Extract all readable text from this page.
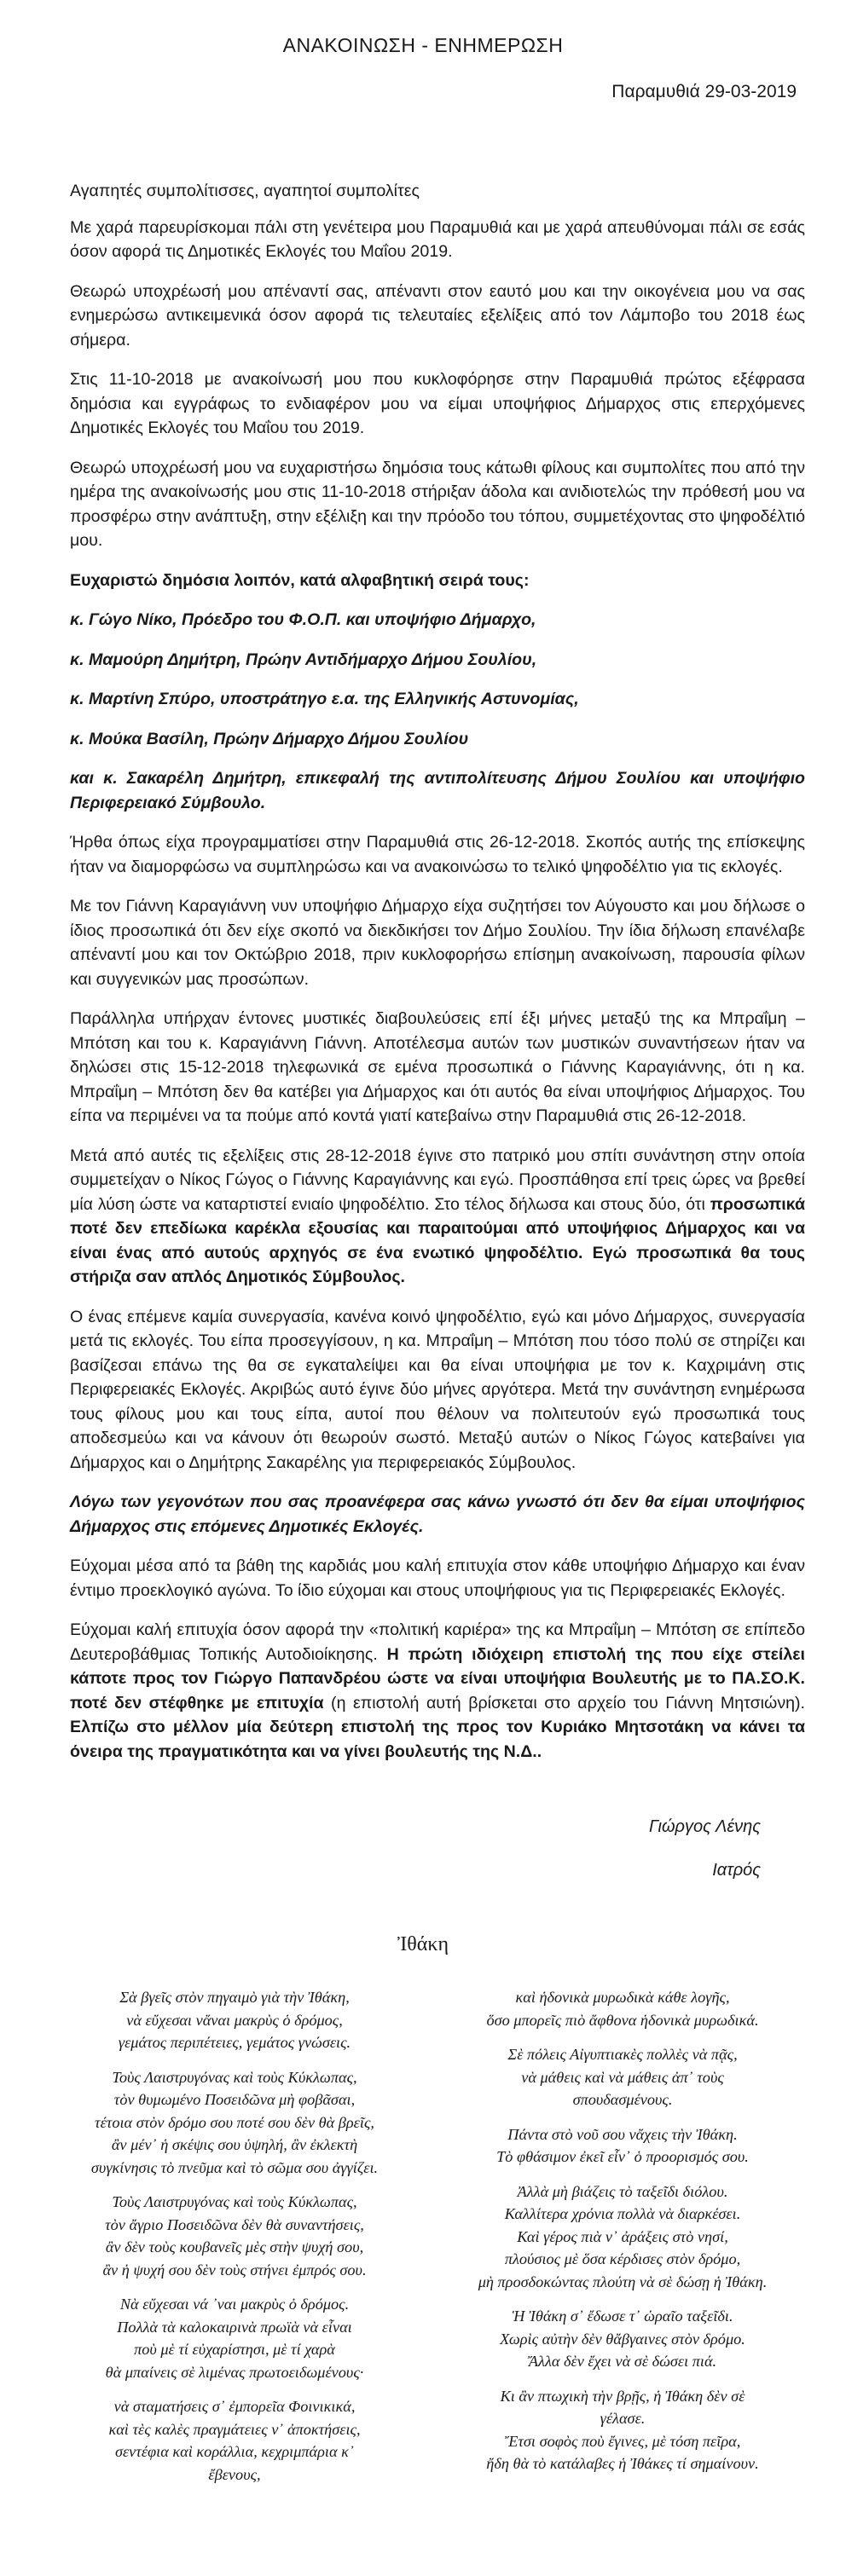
ΑΝΑΚΟΙΝΩΣΗ - ΕΝΗΜΕΡΩΣΗ
Παραμυθιά 29-03-2019

Αγαπητές συμπολίτισσες, αγαπητοί συμπολίτες

Με χαρά παρευρίσκομαι πάλι στη γενέτειρα μου Παραμυθιά και με χαρά απευθύνομαι πάλι σε εσάς όσον αφορά τις Δημοτικές Εκλογές του Μαΐου 2019.

Θεωρώ υποχρέωσή μου απέναντί σας, απέναντι στον εαυτό μου και την οικογένεια μου να σας ενημερώσω αντικειμενικά όσον αφορά τις τελευταίες εξελίξεις από τον Λάμποβο του 2018 έως σήμερα.

Στις 11-10-2018 με ανακοίνωσή μου που κυκλοφόρησε στην Παραμυθιά πρώτος εξέφρασα δημόσια και εγγράφως το ενδιαφέρον μου να είμαι υποψήφιος Δήμαρχος στις επερχόμενες Δημοτικές Εκλογές του Μαΐου του 2019.

Θεωρώ υποχρέωσή μου να ευχαριστήσω δημόσια τους κάτωθι φίλους και συμπολίτες που από την ημέρα της ανακοίνωσής μου στις 11-10-2018 στήριξαν άδολα και ανιδιοτελώς την πρόθεσή μου να προσφέρω στην ανάπτυξη, στην εξέλιξη και την πρόοδο του τόπου, συμμετέχοντας στο ψηφοδέλτιό μου.

Ευχαριστώ δημόσια λοιπόν, κατά αλφαβητική σειρά τους:

κ. Γώγο Νίκο, Πρόεδρο του Φ.Ο.Π. και υποψήφιο Δήμαρχο,

κ. Μαμούρη Δημήτρη, Πρώην Αντιδήμαρχο Δήμου Σουλίου,

κ. Μαρτίνη Σπύρο, υποστράτηγο ε.α. της Ελληνικής Αστυνομίας,

κ. Μούκα Βασίλη, Πρώην Δήμαρχο Δήμου Σουλίου

και κ. Σακαρέλη Δημήτρη, επικεφαλή της αντιπολίτευσης Δήμου Σουλίου και υποψήφιο Περιφερειακό Σύμβουλο.

Ήρθα όπως είχα προγραμματίσει στην Παραμυθιά στις 26-12-2018. Σκοπός αυτής της επίσκεψης ήταν να διαμορφώσω να συμπληρώσω και να ανακοινώσω το τελικό ψηφοδέλτιο για τις εκλογές.

Με τον Γιάννη Καραγιάννη νυν υποψήφιο Δήμαρχο είχα συζητήσει τον Αύγουστο και μου δήλωσε ο ίδιος προσωπικά ότι δεν είχε σκοπό να διεκδικήσει τον Δήμο Σουλίου. Την ίδια δήλωση επανέλαβε απέναντί μου και τον Οκτώβριο 2018, πριν κυκλοφορήσω επίσημη ανακοίνωση, παρουσία φίλων και συγγενικών μας προσώπων.

Παράλληλα υπήρχαν έντονες μυστικές διαβουλεύσεις επί έξι μήνες μεταξύ της κα Μπραΐμη – Μπότση και του κ. Καραγιάννη Γιάννη. Αποτέλεσμα αυτών των μυστικών συναντήσεων ήταν να δηλώσει στις 15-12-2018 τηλεφωνικά σε εμένα προσωπικά ο Γιάννης Καραγιάννης, ότι η κα. Μπραΐμη – Μπότση δεν θα κατέβει για Δήμαρχος και ότι αυτός θα είναι υποψήφιος Δήμαρχος. Του είπα να περιμένει να τα πούμε από κοντά γιατί κατεβαίνω στην Παραμυθιά στις 26-12-2018.

Μετά από αυτές τις εξελίξεις στις 28-12-2018 έγινε στο πατρικό μου σπίτι συνάντηση στην οποία συμμετείχαν ο Νίκος Γώγος ο Γιάννης Καραγιάννης και εγώ. Προσπάθησα επί τρεις ώρες να βρεθεί μία λύση ώστε να καταρτιστεί ενιαίο ψηφοδέλτιο. Στο τέλος δήλωσα και στους δύο, ότι προσωπικά ποτέ δεν επεδίωκα καρέκλα εξουσίας και παραιτούμαι από υποψήφιος Δήμαρχος και να είναι ένας από αυτούς αρχηγός σε ένα ενωτικό ψηφοδέλτιο. Εγώ προσωπικά θα τους στήριζα σαν απλός Δημοτικός Σύμβουλος.

Ο ένας επέμενε καμία συνεργασία, κανένα κοινό ψηφοδέλτιο, εγώ και μόνο Δήμαρχος, συνεργασία μετά τις εκλογές. Του είπα προσεγγίσουν, η κα. Μπραΐμη – Μπότση που τόσο πολύ σε στηρίζει και βασίζεσαι επάνω της θα σε εγκαταλείψει και θα είναι υποψήφια με τον κ. Καχριμάνη στις Περιφερειακές Εκλογές. Ακριβώς αυτό έγινε δύο μήνες αργότερα. Μετά την συνάντηση ενημέρωσα τους φίλους μου και τους είπα, αυτοί που θέλουν να πολιτευτούν εγώ προσωπικά τους αποδεσμεύω και να κάνουν ότι θεωρούν σωστό. Μεταξύ αυτών ο Νίκος Γώγος κατεβαίνει για Δήμαρχος και ο Δημήτρης Σακαρέλης για περιφερειακός Σύμβουλος.

Λόγω των γεγονότων που σας προανέφερα σας κάνω γνωστό ότι δεν θα είμαι υποψήφιος Δήμαρχος στις επόμενες Δημοτικές Εκλογές.

Εύχομαι μέσα από τα βάθη της καρδιάς μου καλή επιτυχία στον κάθε υποψήφιο Δήμαρχο και έναν έντιμο προεκλογικό αγώνα. Το ίδιο εύχομαι και στους υποψήφιους για τις Περιφερειακές Εκλογές.

Εύχομαι καλή επιτυχία όσον αφορά την «πολιτική καριέρα» της κα Μπραΐμη – Μπότση σε επίπεδο Δευτεροβάθμιας Τοπικής Αυτοδιοίκησης. Η πρώτη ιδιόχειρη επιστολή της που είχε στείλει κάποτε προς τον Γιώργο Παπανδρέου ώστε να είναι υποψήφια Βουλευτής με το ΠΑ.ΣΟ.Κ. ποτέ δεν στέφθηκε με επιτυχία (η επιστολή αυτή βρίσκεται στο αρχείο του Γιάννη Μητσιώνη). Ελπίζω στο μέλλον μία δεύτερη επιστολή της προς τον Κυριάκο Μητσοτάκη να κάνει τα όνειρα της πραγματικότητα και να γίνει βουλευτής της Ν.Δ..

Γιώργος Λένης
Ιατρός
Ἰθάκη

Σὰ βγεῖς στὸν πηγαιμὸ γιὰ τὴν Ἰθάκη,
νὰ εὔχεσαι νἄναι μακρὺς ὁ δρόμος,
γεμάτος περιπέτειες, γεμάτος γνώσεις.

Τοὺς Λαιστρυγόνας καὶ τοὺς Κύκλωπας,
τὸν θυμωμένο Ποσειδῶνα μὴ φοβᾶσαι,
τέτοια στὸν δρόμο σου ποτέ σου δὲν θὰ βρεῖς,
ἂν μέν᾿ ἡ σκέψις σου ὑψηλή, ἂν ἐκλεκτὴ
συγκίνησις τὸ πνεῦμα καὶ τὸ σῶμα σου ἀγγίζει.

Τοὺς Λαιστρυγόνας καὶ τοὺς Κύκλωπας,
τὸν ἄγριο Ποσειδῶνα δὲν θὰ συναντήσεις,
ἂν δὲν τοὺς κουβανεῖς μὲς στὴν ψυχή σου,
ἂν ἡ ψυχή σου δὲν τοὺς στήνει ἐμπρός σου.

Νὰ εὔχεσαι νά ᾿ναι μακρὺς ὁ δρόμος.
Πολλὰ τὰ καλοκαιρινὰ πρωϊὰ νὰ εἶναι
ποὺ μὲ τί εὐχαρίστησι, μὲ τί χαρὰ
θὰ μπαίνεις σὲ λιμένας πρωτοειδωμένους·

νὰ σταματήσεις σ᾿ ἐμπορεῖα Φοινικικά,
καὶ τὲς καλὲς πραγμάτειες ν᾿ ἀποκτήσεις,
σεντέφια καὶ κοράλλια, κεχριμπάρια κ᾿
ἔβενους,

καὶ ἡδονικὰ μυρωδικὰ κάθε λογῆς,
ὅσο μπορεῖς πιὸ ἄφθονα ἡδονικὰ μυρωδικά.

Σὲ πόλεις Αἰγυπτιακὲς πολλὲς νὰ πᾷς,
νὰ μάθεις καὶ νὰ μάθεις ἀπ᾿ τοὺς
σπουδασμένους.

Πάντα στὸ νοῦ σου νἄχεις τὴν Ἰθάκη.
Τὸ φθάσιμον ἐκεῖ εἶν᾿ ὁ προορισμός σου.

Ἀλλὰ μὴ βιάζεις τὸ ταξεῖδι διόλου.
Καλλίτερα χρόνια πολλὰ νὰ διαρκέσει.
Καὶ γέρος πιὰ ν᾿ ἀράξεις στὸ νησί,
πλούσιος μὲ ὅσα κέρδισες στὸν δρόμο,
μὴ προσδοκώντας πλούτη νὰ σὲ δώσῃ ἡ Ἰθάκη.

Ἡ Ἰθάκη σ᾿ ἔδωσε τ᾿ ὡραῖο ταξεῖδι.
Χωρὶς αὐτὴν δὲν θἄβγαινες στὸν δρόμο.
Ἄλλα δὲν ἔχει νὰ σὲ δώσει πιά.

Κι ἂν πτωχικὴ τὴν βρῇς, ἡ Ἰθάκη δὲν σὲ
γέλασε.
Ἔτσι σοφὸς ποὺ ἔγινες, μὲ τόση πεῖρα,
ἤδη θὰ τὸ κατάλαβες ἡ Ἰθάκες τί σημαίνουν.
